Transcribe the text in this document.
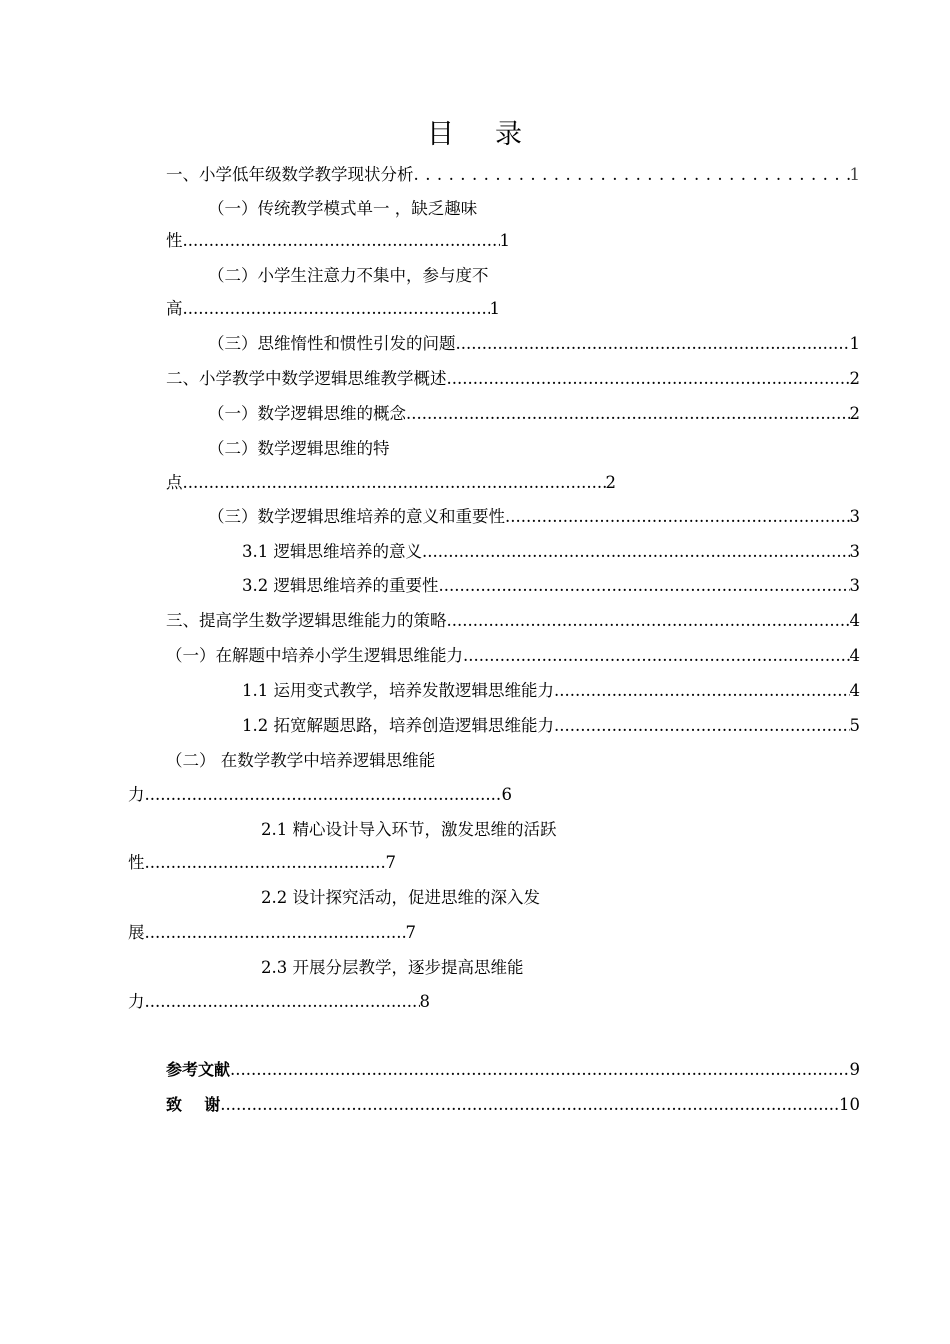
目 录
一、小学低年级数学教学现状分析 . . .	1
（一）传统教学模式单一 ，缺乏趣味
性 .....	1
（二）小学生注意力不集中，参与度不
高 .....	1
（三）思维惰性和惯性引发的问题 .....	1
二、小学教学中数学逻辑思维教学概述 .....	2
（一）数学逻辑思维的概念 .....	2
（二）数学逻辑思维的特
点 .....	2
（三）数学逻辑思维培养的意义和重要性 .....	3
3.1 逻辑思维培养的意义 .....	3
3.2 逻辑思维培养的重要性 .....	3
三、提高学生数学逻辑思维能力的策略 .....	4
（一）在解题中培养小学生逻辑思维能力 .....	4
1.1 运用变式教学，培养发散逻辑思维能力 .....	4
1.2 拓宽解题思路，培养创造逻辑思维能力 .....	5
（二） 在数学教学中培养逻辑思维能
力 .....	6
2.1 精心设计导入环节，激发思维的活跃
性 .....	7
2.2 设计探究活动，促进思维的深入发
展 .....	7
2.3 开展分层教学，逐步提高思维能
力 .....	8
参考文献 .....	9
致    谢 .....	10
